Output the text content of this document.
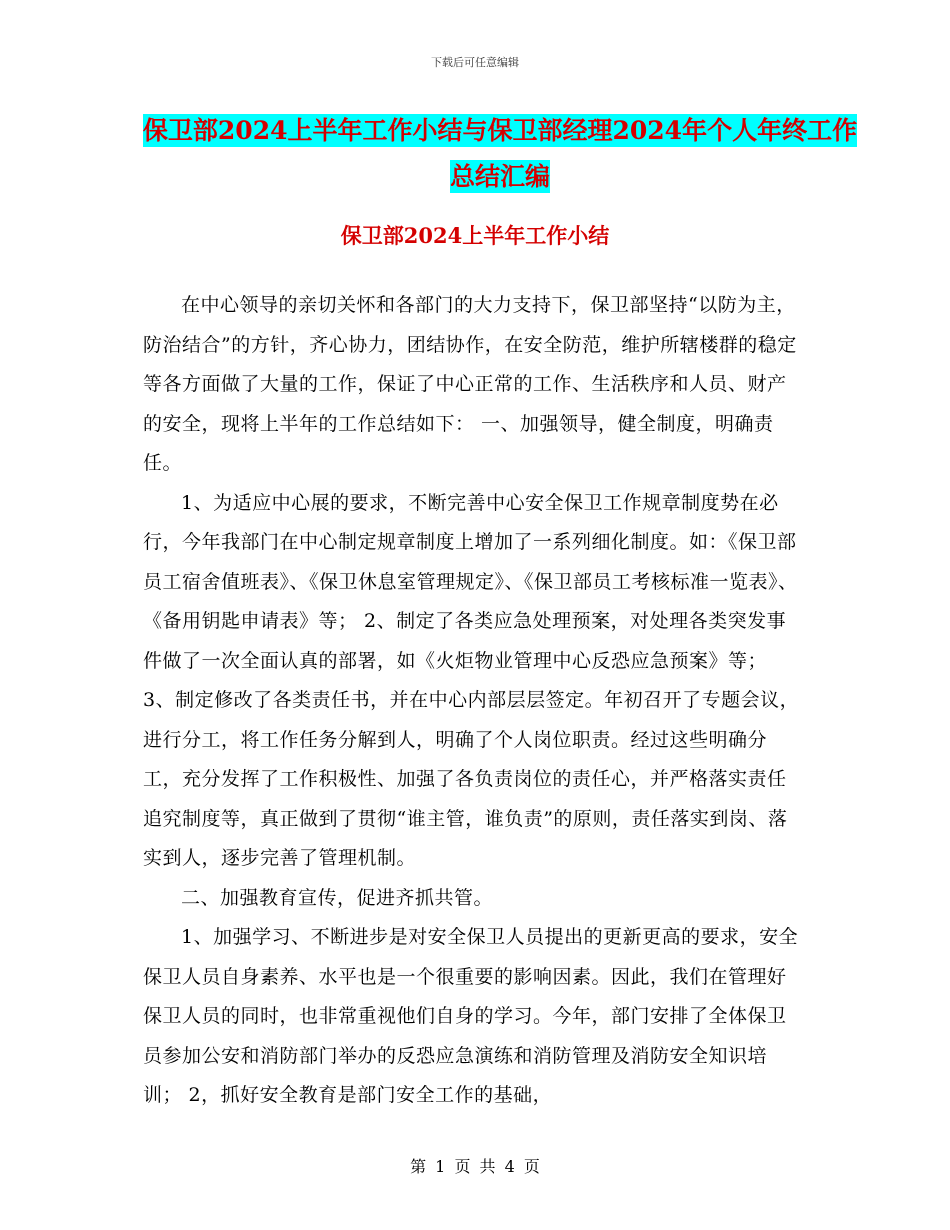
下载后可任意编辑
保卫部2024上半年工作小结与保卫部经理2024年个人年终工作总结汇编
保卫部2024上半年工作小结

在中心领导的亲切关怀和各部门的大力支持下，保卫部坚持“以防为主，防治结合”的方针，齐心协力，团结协作，在安全防范，维护所辖楼群的稳定等各方面做了大量的工作，保证了中心正常的工作、生活秩序和人员、财产的安全，现将上半年的工作总结如下： 一、加强领导，健全制度，明确责任。

1、为适应中心展的要求，不断完善中心安全保卫工作规章制度势在必行，今年我部门在中心制定规章制度上增加了一系列细化制度。如：《保卫部员工宿舍值班表》、《保卫休息室管理规定》、《保卫部员工考核标准一览表》、《备用钥匙申请表》等； 2、制定了各类应急处理预案，对处理各类突发事件做了一次全面认真的部署，如《火炬物业管理中心反恐应急预案》等； 3、制定修改了各类责任书，并在中心内部层层签定。年初召开了专题会议，进行分工，将工作任务分解到人，明确了个人岗位职责。经过这些明确分工，充分发挥了工作积极性、加强了各负责岗位的责任心，并严格落实责任追究制度等，真正做到了贯彻“谁主管，谁负责”的原则，责任落实到岗、落实到人，逐步完善了管理机制。

二、加强教育宣传，促进齐抓共管。

1、加强学习、不断进步是对安全保卫人员提出的更新更高的要求，安全保卫人员自身素养、水平也是一个很重要的影响因素。因此，我们在管理好保卫人员的同时，也非常重视他们自身的学习。今年，部门安排了全体保卫员参加公安和消防部门举办的反恐应急演练和消防管理及消防安全知识培训； 2，抓好安全教育是部门安全工作的基础，

第 1 页 共 4 页
